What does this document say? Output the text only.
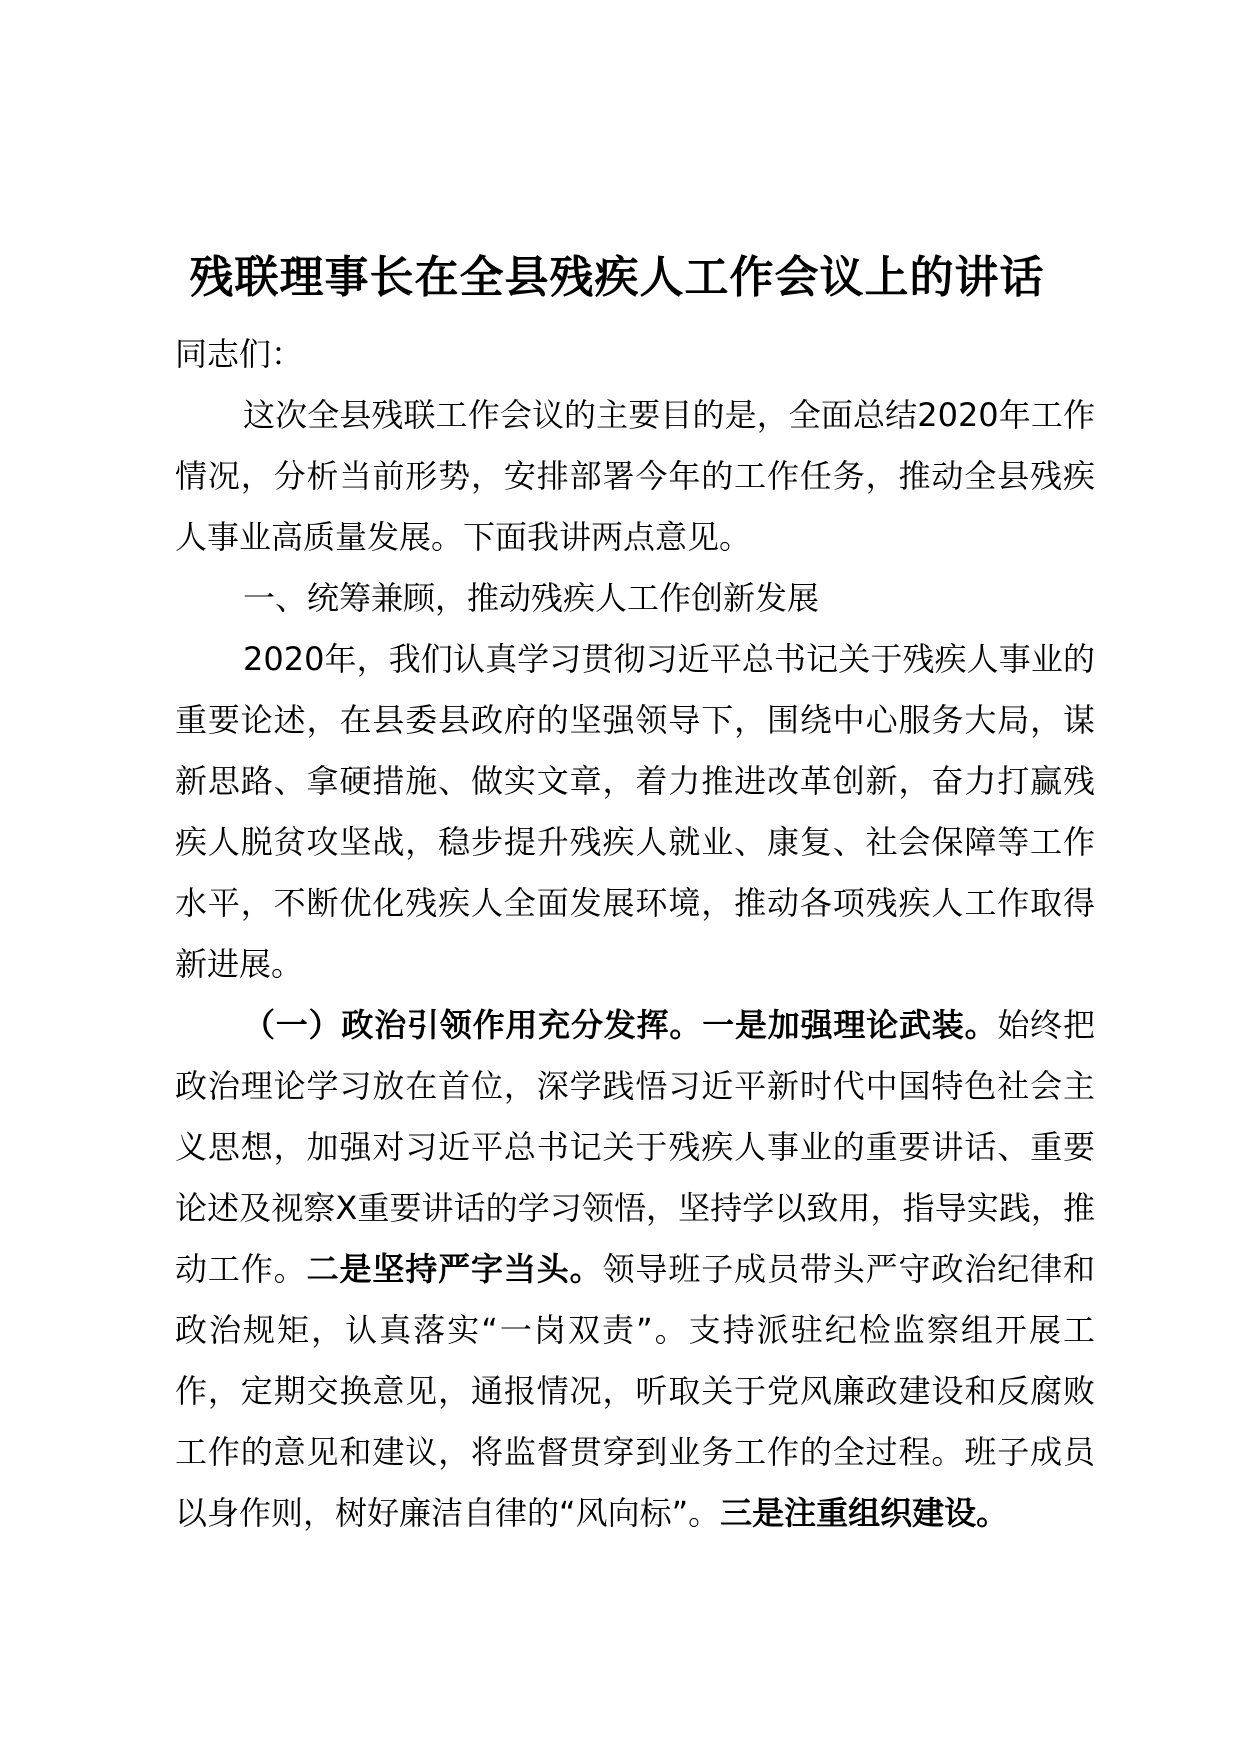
残联理事长在全县残疾人工作会议上的讲话

同志们：

这次全县残联工作会议的主要目的是，全面总结2020年工作情况，分析当前形势，安排部署今年的工作任务，推动全县残疾人事业高质量发展。下面我讲两点意见。

一、统筹兼顾，推动残疾人工作创新发展

2020年，我们认真学习贯彻习近平总书记关于残疾人事业的重要论述，在县委县政府的坚强领导下，围绕中心服务大局，谋新思路、拿硬措施、做实文章，着力推进改革创新，奋力打赢残疾人脱贫攻坚战，稳步提升残疾人就业、康复、社会保障等工作水平，不断优化残疾人全面发展环境，推动各项残疾人工作取得新进展。

（一）政治引领作用充分发挥。一是加强理论武装。始终把政治理论学习放在首位，深学践悟习近平新时代中国特色社会主义思想，加强对习近平总书记关于残疾人事业的重要讲话、重要论述及视察X重要讲话的学习领悟，坚持学以致用，指导实践，推动工作。二是坚持严字当头。领导班子成员带头严守政治纪律和政治规矩，认真落实“一岗双责”。支持派驻纪检监察组开展工作，定期交换意见，通报情况，听取关于党风廉政建设和反腐败工作的意见和建议，将监督贯穿到业务工作的全过程。班子成员以身作则，树好廉洁自律的“风向标”。三是注重组织建设。
